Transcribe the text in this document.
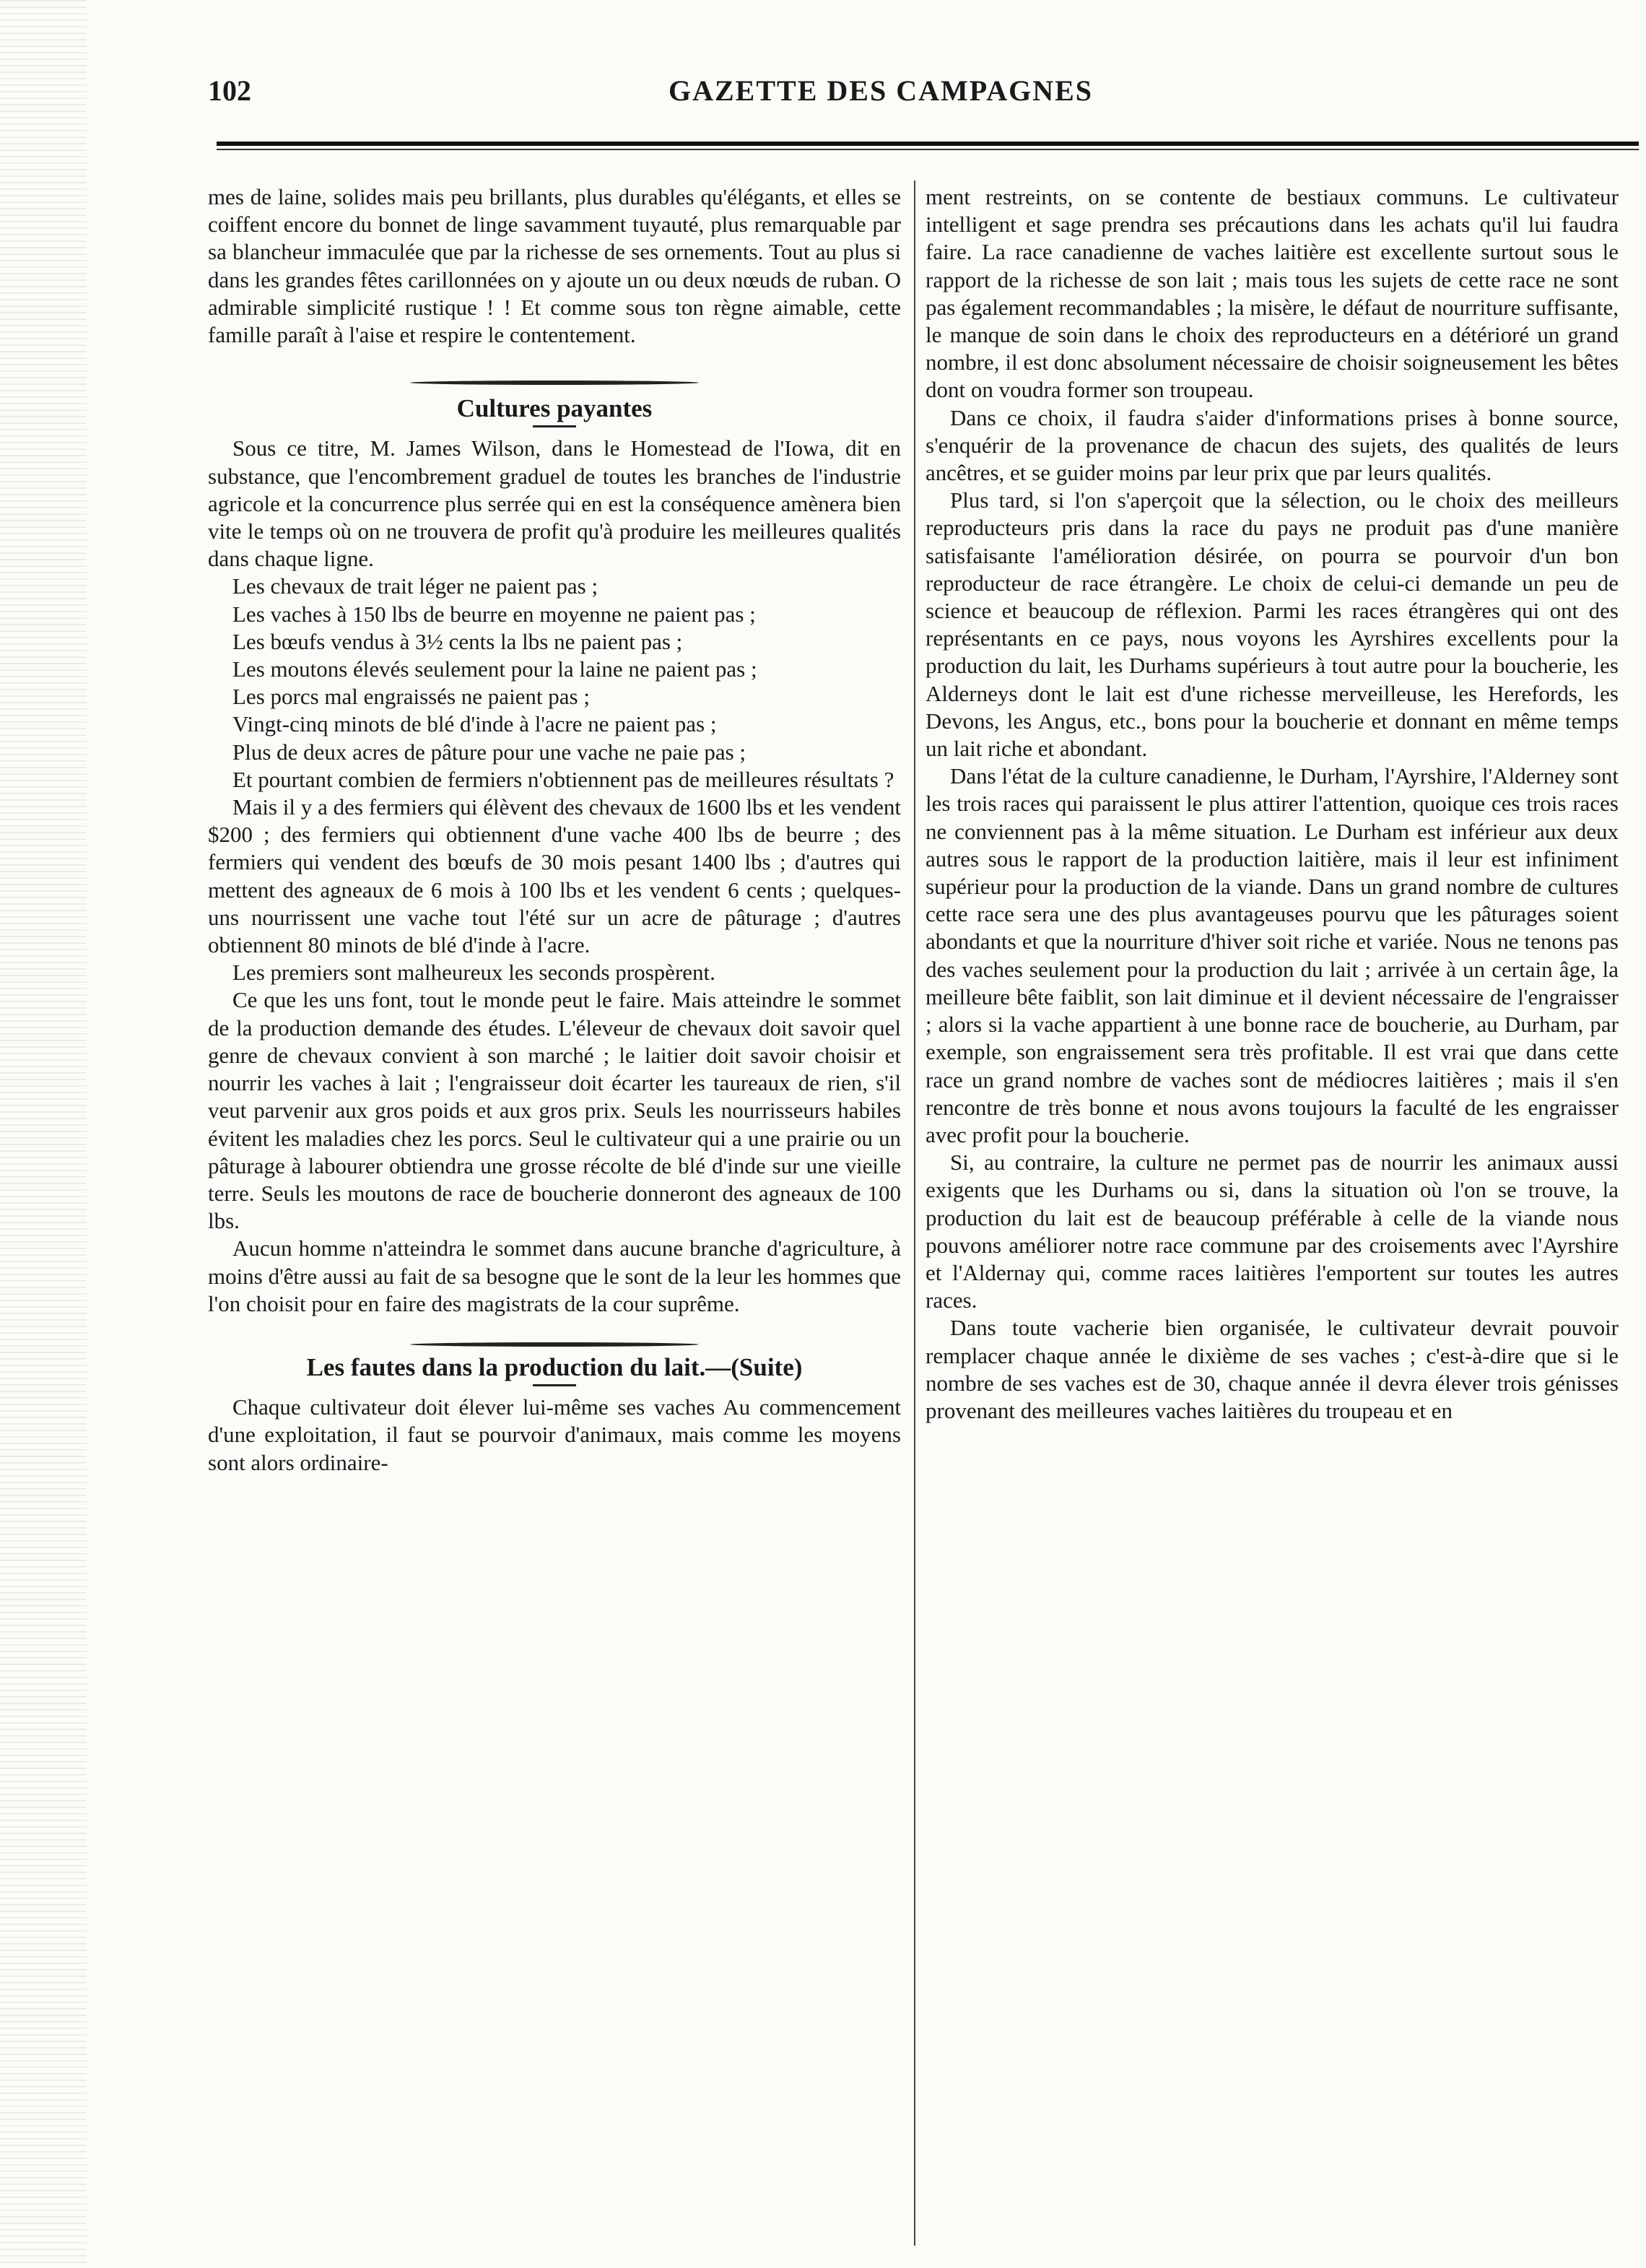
102	GAZETTE DES CAMPAGNES

mes de laine, solides mais peu brillants, plus durables qu'élégants, et elles se coiffent encore du bonnet de linge savamment tuyauté, plus remarquable par sa blancheur immaculée que par la richesse de ses ornements. Tout au plus si dans les grandes fêtes carillonnées on y ajoute un ou deux nœuds de ruban. O admirable simplicité rustique ! ! Et comme sous ton règne aimable, cette famille paraît à l'aise et respire le contentement.

Cultures payantes

Sous ce titre, M. James Wilson, dans le Homestead de l'Iowa, dit en substance, que l'encombrement graduel de toutes les branches de l'industrie agricole et la concurrence plus serrée qui en est la conséquence amènera bien vite le temps où on ne trouvera de profit qu'à produire les meilleures qualités dans chaque ligne.

Les chevaux de trait léger ne paient pas ;

Les vaches à 150 lbs de beurre en moyenne ne paient pas ;

Les bœufs vendus à 3½ cents la lbs ne paient pas ;

Les moutons élevés seulement pour la laine ne paient pas ;

Les porcs mal engraissés ne paient pas ;

Vingt-cinq minots de blé d'inde à l'acre ne paient pas ;

Plus de deux acres de pâture pour une vache ne paie pas ;

Et pourtant combien de fermiers n'obtiennent pas de meilleures résultats ?

Mais il y a des fermiers qui élèvent des chevaux de 1600 lbs et les vendent $200 ; des fermiers qui obtiennent d'une vache 400 lbs de beurre ; des fermiers qui vendent des bœufs de 30 mois pesant 1400 lbs ; d'autres qui mettent des agneaux de 6 mois à 100 lbs et les vendent 6 cents ; quelques-uns nourrissent une vache tout l'été sur un acre de pâturage ; d'autres obtiennent 80 minots de blé d'inde à l'acre.

Les premiers sont malheureux les seconds prospèrent.

Ce que les uns font, tout le monde peut le faire. Mais atteindre le sommet de la production demande des études. L'éleveur de chevaux doit savoir quel genre de chevaux convient à son marché ; le laitier doit savoir choisir et nourrir les vaches à lait ; l'engraisseur doit écarter les taureaux de rien, s'il veut parvenir aux gros poids et aux gros prix. Seuls les nourrisseurs habiles évitent les maladies chez les porcs. Seul le cultivateur qui a une prairie ou un pâturage à labourer obtiendra une grosse récolte de blé d'inde sur une vieille terre. Seuls les moutons de race de boucherie donneront des agneaux de 100 lbs.

Aucun homme n'atteindra le sommet dans aucune branche d'agriculture, à moins d'être aussi au fait de sa besogne que le sont de la leur les hommes que l'on choisit pour en faire des magistrats de la cour suprême.

Les fautes dans la production du lait.—(Suite)

Chaque cultivateur doit élever lui-même ses vaches Au commencement d'une exploitation, il faut se pourvoir d'animaux, mais comme les moyens sont alors ordinaire-

ment restreints, on se contente de bestiaux communs. Le cultivateur intelligent et sage prendra ses précautions dans les achats qu'il lui faudra faire. La race canadienne de vaches laitière est excellente surtout sous le rapport de la richesse de son lait ; mais tous les sujets de cette race ne sont pas également recommandables ; la misère, le défaut de nourriture suffisante, le manque de soin dans le choix des reproducteurs en a détérioré un grand nombre, il est donc absolument nécessaire de choisir soigneusement les bêtes dont on voudra former son troupeau.

Dans ce choix, il faudra s'aider d'informations prises à bonne source, s'enquérir de la provenance de chacun des sujets, des qualités de leurs ancêtres, et se guider moins par leur prix que par leurs qualités.

Plus tard, si l'on s'aperçoit que la sélection, ou le choix des meilleurs reproducteurs pris dans la race du pays ne produit pas d'une manière satisfaisante l'amélioration désirée, on pourra se pourvoir d'un bon reproducteur de race étrangère. Le choix de celui-ci demande un peu de science et beaucoup de réflexion. Parmi les races étrangères qui ont des représentants en ce pays, nous voyons les Ayrshires excellents pour la production du lait, les Durhams supérieurs à tout autre pour la boucherie, les Alderneys dont le lait est d'une richesse merveilleuse, les Herefords, les Devons, les Angus, etc., bons pour la boucherie et donnant en même temps un lait riche et abondant.

Dans l'état de la culture canadienne, le Durham, l'Ayrshire, l'Alderney sont les trois races qui paraissent le plus attirer l'attention, quoique ces trois races ne conviennent pas à la même situation. Le Durham est inférieur aux deux autres sous le rapport de la production laitière, mais il leur est infiniment supérieur pour la production de la viande. Dans un grand nombre de cultures cette race sera une des plus avantageuses pourvu que les pâturages soient abondants et que la nourriture d'hiver soit riche et variée. Nous ne tenons pas des vaches seulement pour la production du lait ; arrivée à un certain âge, la meilleure bête faiblit, son lait diminue et il devient nécessaire de l'engraisser ; alors si la vache appartient à une bonne race de boucherie, au Durham, par exemple, son engraissement sera très profitable. Il est vrai que dans cette race un grand nombre de vaches sont de médiocres laitières ; mais il s'en rencontre de très bonne et nous avons toujours la faculté de les engraisser avec profit pour la boucherie.

Si, au contraire, la culture ne permet pas de nourrir les animaux aussi exigents que les Durhams ou si, dans la situation où l'on se trouve, la production du lait est de beaucoup préférable à celle de la viande nous pouvons améliorer notre race commune par des croisements avec l'Ayrshire et l'Aldernay qui, comme races laitières l'emportent sur toutes les autres races.

Dans toute vacherie bien organisée, le cultivateur devrait pouvoir remplacer chaque année le dixième de ses vaches ; c'est-à-dire que si le nombre de ses vaches est de 30, chaque année il devra élever trois génisses provenant des meilleures vaches laitières du troupeau et en
